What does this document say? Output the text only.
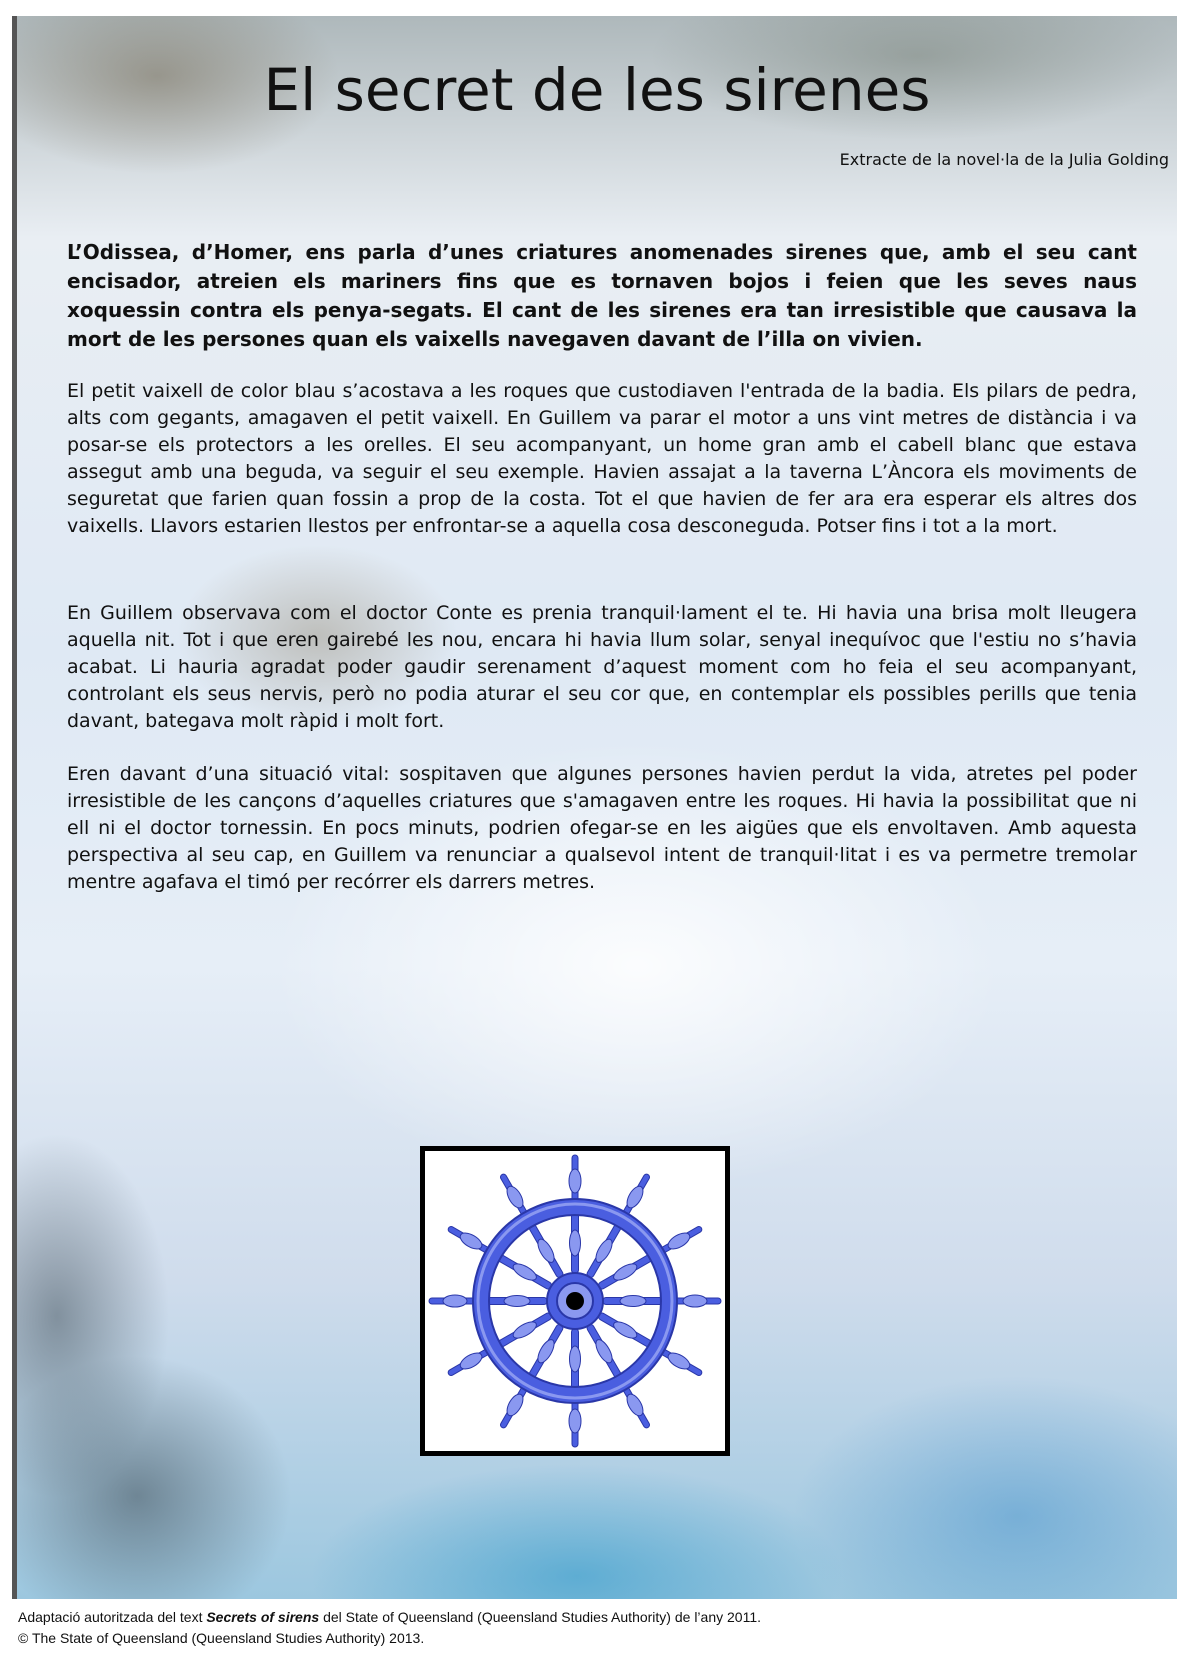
El secret de les sirenes
Extracte de la novel·la de la Julia Golding
L’Odissea, d’Homer, ens parla d’unes criatures anomenades sirenes que, amb el seu cant encisador, atreien els mariners fins que es tornaven bojos i feien que les seves naus xoquessin contra els penya-segats. El cant de les sirenes era tan irresistible que causava la mort de les persones quan els vaixells navegaven davant de l’illa on vivien.
El petit vaixell de color blau s’acostava a les roques que custodiaven l'entrada de la badia. Els pilars de pedra, alts com gegants, amagaven el petit vaixell. En Guillem va parar el motor a uns vint metres de distància i va posar-se els protectors a les orelles. El seu acompanyant, un home gran amb el cabell blanc que estava assegut amb una beguda, va seguir el seu exemple. Havien assajat a la taverna L’Àncora els moviments de seguretat que farien quan fossin a prop de la costa. Tot el que havien de fer ara era esperar els altres dos vaixells. Llavors estarien llestos per enfrontar-se a aquella cosa desconeguda. Potser fins i tot a la mort.
En Guillem observava com el doctor Conte es prenia tranquil·lament el te. Hi havia una brisa molt lleugera aquella nit. Tot i que eren gairebé les nou, encara hi havia llum solar, senyal inequívoc que l'estiu no s’havia acabat. Li hauria agradat poder gaudir serenament d’aquest moment com ho feia el seu acompanyant, controlant els seus nervis, però no podia aturar el seu cor que, en contemplar els possibles perills que tenia davant, bategava molt ràpid i molt fort.
Eren davant d’una situació vital: sospitaven que algunes persones havien perdut la vida, atretes pel poder irresistible de les cançons d’aquelles criatures que s'amagaven entre les roques. Hi havia la possibilitat que ni ell ni el doctor tornessin. En pocs minuts, podrien ofegar-se en les aigües que els envoltaven. Amb aquesta perspectiva al seu cap, en Guillem va renunciar a qualsevol intent de tranquil·litat i es va permetre tremolar mentre agafava el timó per recórrer els darrers metres.
Adaptació autoritzada del text Secrets of sirens del State of Queensland (Queensland Studies Authority) de l’any 2011.
© The State of Queensland (Queensland Studies Authority) 2013.
